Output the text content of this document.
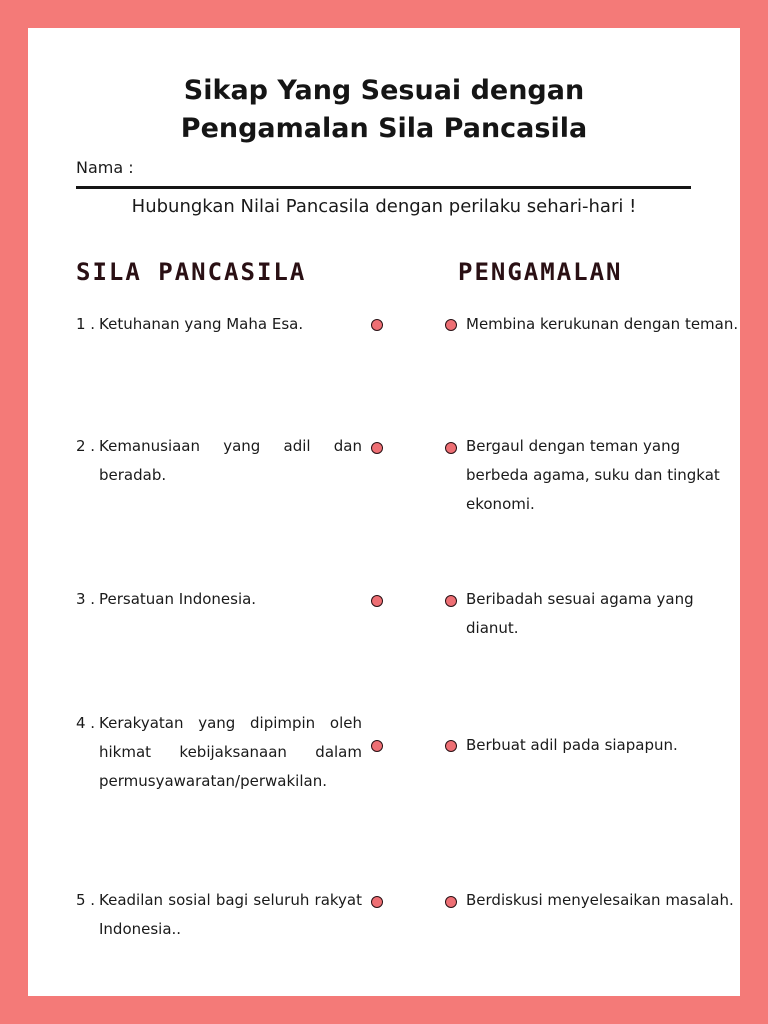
Sikap Yang Sesuai dengan
Pengamalan Sila Pancasila
Nama :
Hubungkan Nilai Pancasila dengan perilaku sehari-hari !
SILA PANCASILA	PENGAMALAN
1 . Ketuhanan yang Maha Esa.
2 . Kemanusiaan yang adil dan beradab.
3 . Persatuan Indonesia.
4 . Kerakyatan yang dipimpin oleh hikmat kebijaksanaan dalam permusyawaratan/perwakilan.
5 . Keadilan sosial bagi seluruh rakyat Indonesia..
Membina kerukunan dengan teman.
Bergaul dengan teman yang berbeda agama, suku dan tingkat ekonomi.
Beribadah sesuai agama yang dianut.
Berbuat adil pada siapapun.
Berdiskusi menyelesaikan masalah.
